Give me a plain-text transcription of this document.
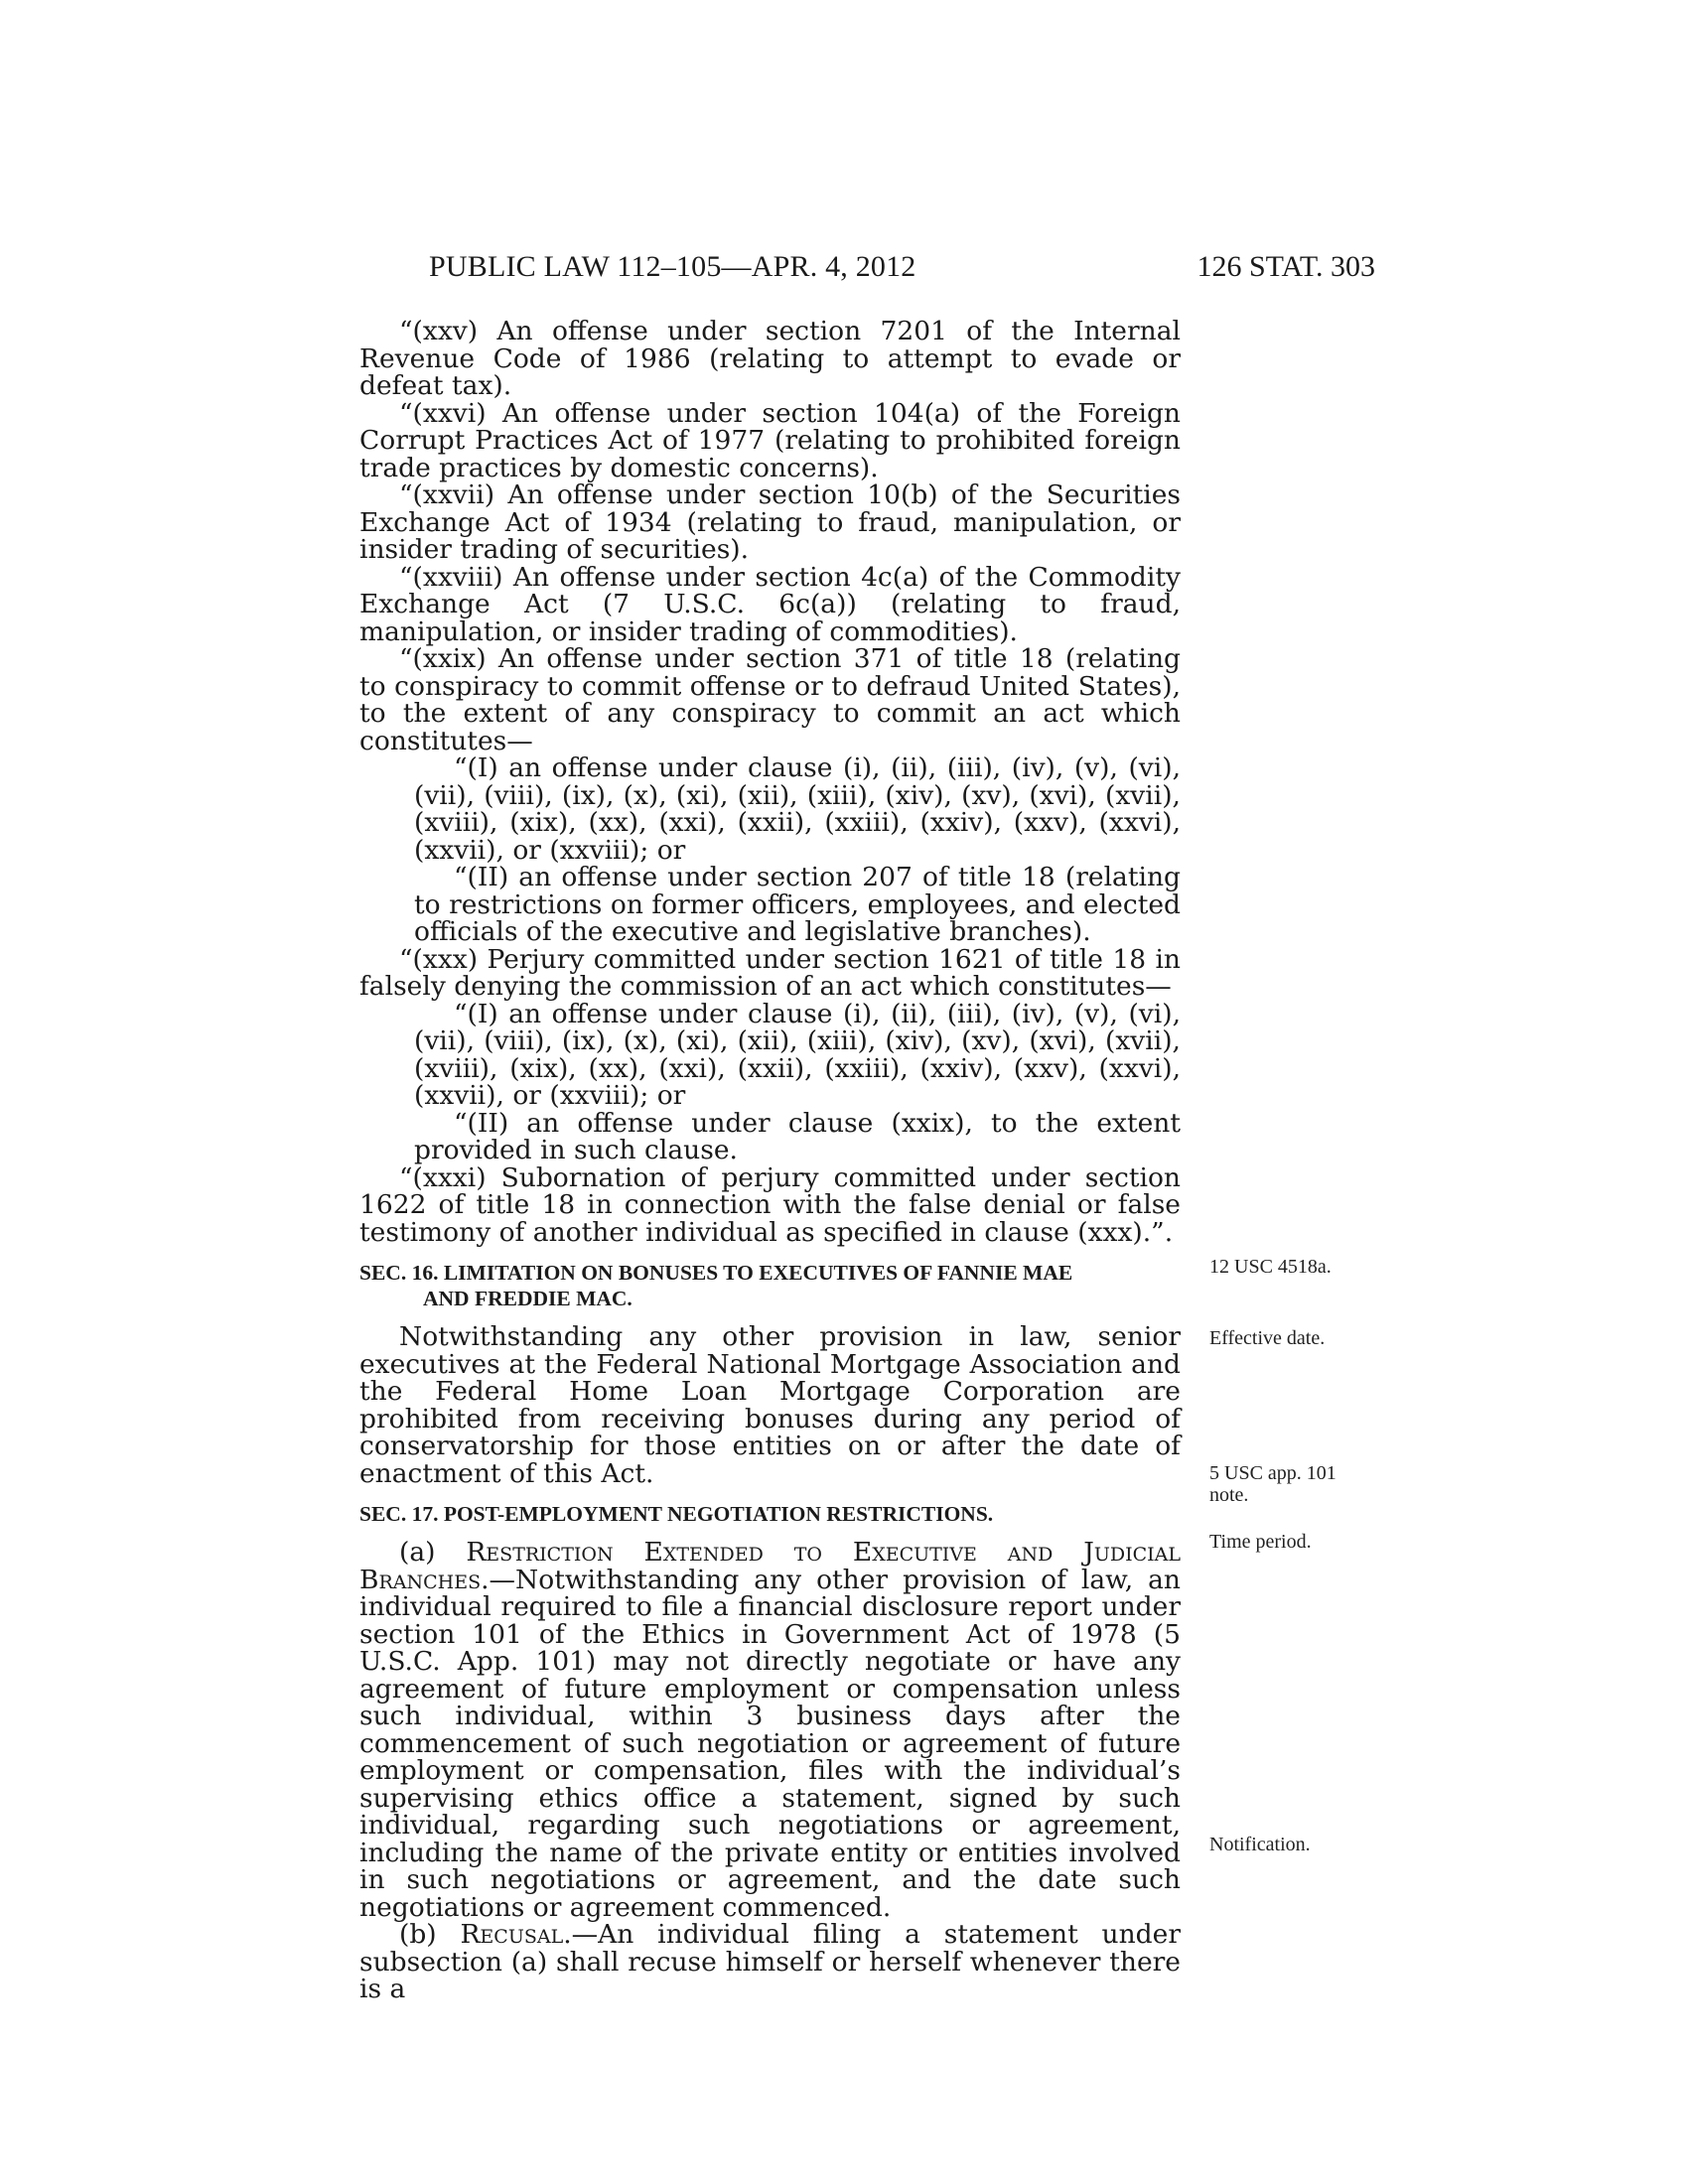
PUBLIC LAW 112–105—APR. 4, 2012	126 STAT. 303

“(xxv) An offense under section 7201 of the Internal Revenue Code of 1986 (relating to attempt to evade or defeat tax).

“(xxvi) An offense under section 104(a) of the Foreign Corrupt Practices Act of 1977 (relating to prohibited foreign trade practices by domestic concerns).

“(xxvii) An offense under section 10(b) of the Securities Exchange Act of 1934 (relating to fraud, manipulation, or insider trading of securities).

“(xxviii) An offense under section 4c(a) of the Commodity Exchange Act (7 U.S.C. 6c(a)) (relating to fraud, manipulation, or insider trading of commodities).

“(xxix) An offense under section 371 of title 18 (relating to conspiracy to commit offense or to defraud United States), to the extent of any conspiracy to commit an act which constitutes—

“(I) an offense under clause (i), (ii), (iii), (iv), (v), (vi), (vii), (viii), (ix), (x), (xi), (xii), (xiii), (xiv), (xv), (xvi), (xvii), (xviii), (xix), (xx), (xxi), (xxii), (xxiii), (xxiv), (xxv), (xxvi), (xxvii), or (xxviii); or

“(II) an offense under section 207 of title 18 (relating to restrictions on former officers, employees, and elected officials of the executive and legislative branches).

“(xxx) Perjury committed under section 1621 of title 18 in falsely denying the commission of an act which constitutes—

“(I) an offense under clause (i), (ii), (iii), (iv), (v), (vi), (vii), (viii), (ix), (x), (xi), (xii), (xiii), (xiv), (xv), (xvi), (xvii), (xviii), (xix), (xx), (xxi), (xxii), (xxiii), (xxiv), (xxv), (xxvi), (xxvii), or (xxviii); or

“(II) an offense under clause (xxix), to the extent provided in such clause.

“(xxxi) Subornation of perjury committed under section 1622 of title 18 in connection with the false denial or false testimony of another individual as specified in clause (xxx).”.

SEC. 16. LIMITATION ON BONUSES TO EXECUTIVES OF FANNIE MAE
AND FREDDIE MAC.

Notwithstanding any other provision in law, senior executives at the Federal National Mortgage Association and the Federal Home Loan Mortgage Corporation are prohibited from receiving bonuses during any period of conservatorship for those entities on or after the date of enactment of this Act.

SEC. 17. POST-EMPLOYMENT NEGOTIATION RESTRICTIONS.

(a) Restriction Extended to Executive and Judicial Branches.—Notwithstanding any other provision of law, an individual required to file a financial disclosure report under section 101 of the Ethics in Government Act of 1978 (5 U.S.C. App. 101) may not directly negotiate or have any agreement of future employment or compensation unless such individual, within 3 business days after the commencement of such negotiation or agreement of future employment or compensation, files with the individual’s supervising ethics office a statement, signed by such individual, regarding such negotiations or agreement, including the name of the private entity or entities involved in such negotiations or agreement, and the date such negotiations or agreement commenced.

(b) Recusal.—An individual filing a statement under subsection (a) shall recuse himself or herself whenever there is a

12 USC 4518a.
Effective date.
5 USC app. 101 note.
Time period.
Notification.
